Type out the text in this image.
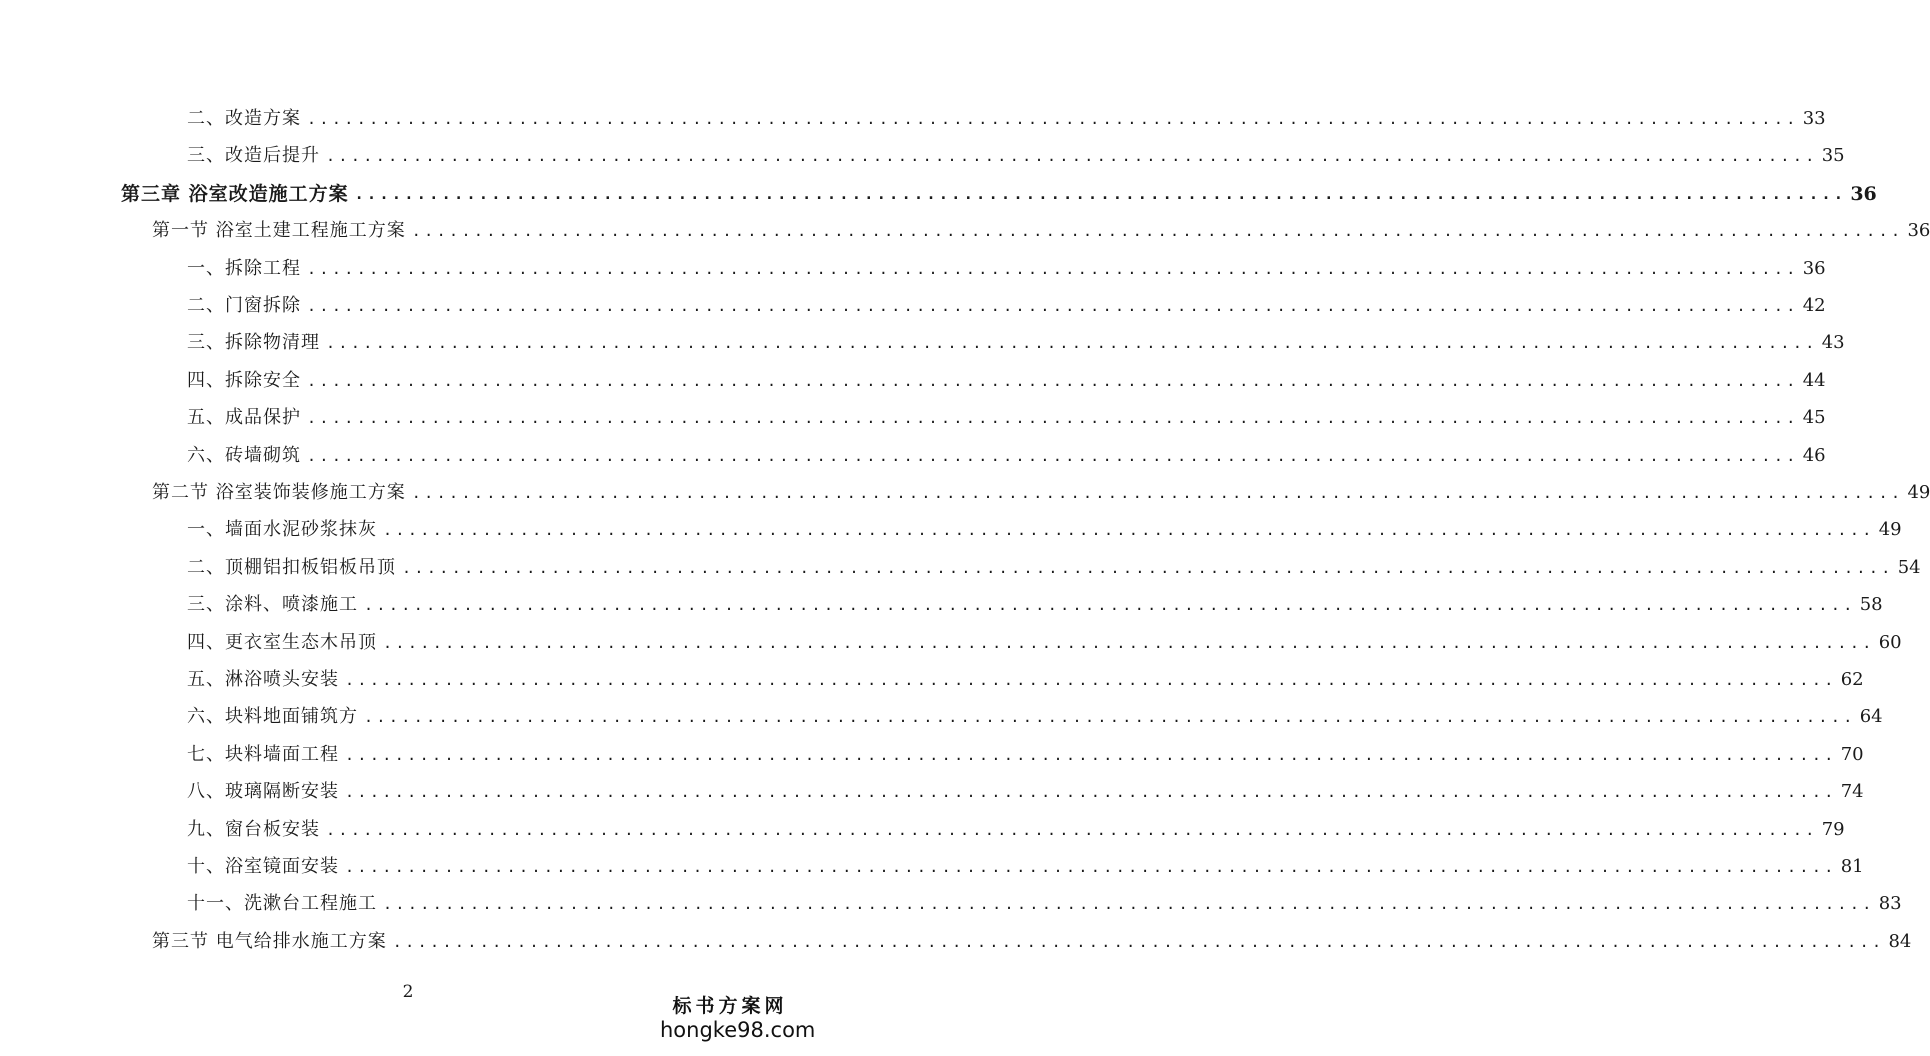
二、改造方案 ........................................................................................................................ 33
三、改造后提升 ........................................................................................................................ 35
第三章 浴室改造施工方案 ........................................................................................................................ 36
第一节 浴室土建工程施工方案 ........................................................................................................................ 36
一、拆除工程 ........................................................................................................................ 36
二、门窗拆除 ........................................................................................................................ 42
三、拆除物清理 ........................................................................................................................ 43
四、拆除安全 ........................................................................................................................ 44
五、成品保护 ........................................................................................................................ 45
六、砖墙砌筑 ........................................................................................................................ 46
第二节 浴室装饰装修施工方案 ........................................................................................................................ 49
一、墙面水泥砂浆抹灰 ........................................................................................................................ 49
二、顶棚铝扣板铝板吊顶 ........................................................................................................................ 54
三、涂料、喷漆施工 ........................................................................................................................ 58
四、更衣室生态木吊顶 ........................................................................................................................ 60
五、淋浴喷头安装 ........................................................................................................................ 62
六、块料地面铺筑方 ........................................................................................................................ 64
七、块料墙面工程 ........................................................................................................................ 70
八、玻璃隔断安装 ........................................................................................................................ 74
九、窗台板安装 ........................................................................................................................ 79
十、浴室镜面安装 ........................................................................................................................ 81
十一、洗漱台工程施工 ........................................................................................................................ 83
第三节 电气给排水施工方案 ........................................................................................................................ 84
2
标书方案网
hongke98.com
